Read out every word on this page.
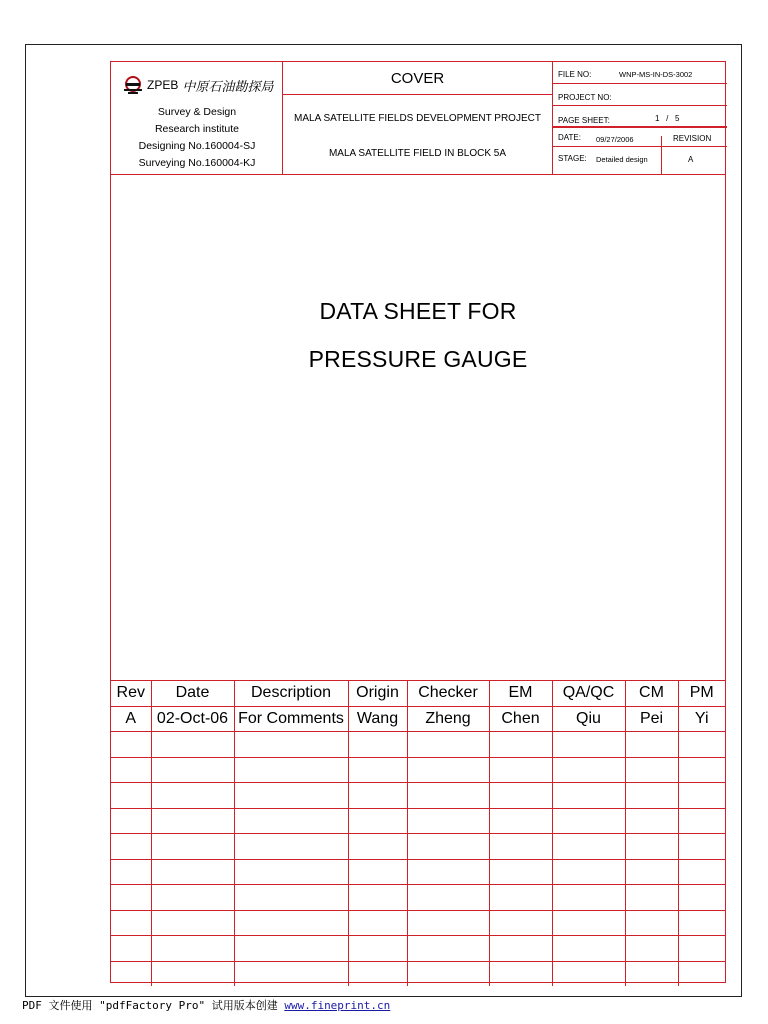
ZPEB 中原石油勘探局
Survey & Design
Research institute
Designing No.160004-SJ
Surveying No.160004-KJ
COVER
MALA SATELLITE FIELDS DEVELOPMENT PROJECT
MALA SATELLITE FIELD IN BLOCK 5A
FILE NO:	WNP-MS-IN-DS-3002
PROJECT NO:
PAGE SHEET:	1   /   5
DATE: 09/27/2006	REVISION
STAGE: Detailed design	A
DATA SHEET FOR
PRESSURE GAUGE
Rev	Date	Description	Origin	Checker	EM	QA/QC	CM	PM
A	02-Oct-06	For Comments	Wang	Zheng	Chen	Qiu	Pei	Yi

PDF 文件使用 "pdfFactory Pro" 试用版本创建 www.fineprint.cn
